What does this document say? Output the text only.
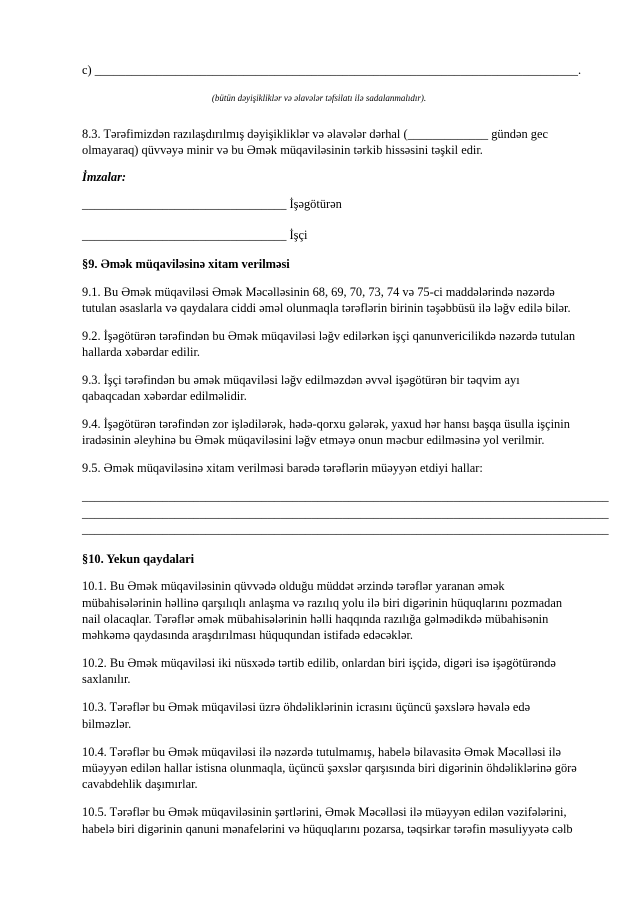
c) ______________________________________________________________________________.
(bütün dəyişikliklər və əlavələr təfsilatı ilə sadalanmalıdır).
8.3. Tərəfimizdən razılaşdırılmış dəyişikliklər və əlavələr dərhal (_____________ gündən gec
olmayaraq) qüvvəyə minir və bu Əmək müqaviləsinin tərkib hissəsini təşkil edir.
İmzalar:
_________________________________ İşəgötürən
_________________________________ İşçi
§9. Əmək müqaviləsinə xitam verilməsi
9.1. Bu Əmək müqaviləsi Əmək Məcəlləsinin 68, 69, 70, 73, 74 və 75-ci maddələrində nəzərdə
tutulan əsaslarla və qaydalara ciddi əməl olunmaqla tərəflərin birinin təşəbbüsü ilə ləğv edilə bilər.
9.2. İşəgötürən tərəfindən bu Əmək müqaviləsi ləğv edilərkən işçi qanunvericilikdə nəzərdə tutulan
hallarda xəbərdar edilir.
9.3. İşçi tərəfindən bu əmək müqaviləsi ləğv edilməzdən əvvəl işəgötürən bir təqvim ayı
qabaqcadan xəbərdar edilməlidir.
9.4. İşəgötürən tərəfindən zor işlədilərək, hədə-qorxu gələrək, yaxud hər hansı başqa üsulla işçinin
iradəsinin əleyhinə bu Əmək müqaviləsini ləğv etməyə onun məcbur edilməsinə yol verilmir.
9.5. Əmək müqaviləsinə xitam verilməsi barədə tərəflərin müəyyən etdiyi hallar:
_____________________________________________________________________________________
_____________________________________________________________________________________
_____________________________________________________________________________________
§10. Yekun qaydalari
10.1. Bu Əmək müqaviləsinin qüvvədə olduğu müddət ərzində tərəflər yaranan əmək
mübahisələrinin həllinə qarşılıqlı anlaşma və razılıq yolu ilə biri digərinin hüquqlarını pozmadan
nail olacaqlar. Tərəflər əmək mübahisələrinin həlli haqqında razılığa gəlmədikdə mübahisənin
məhkəmə qaydasında araşdırılması hüququndan istifadə edəcəklər.
10.2. Bu Əmək müqaviləsi iki nüsxədə tərtib edilib, onlardan biri işçidə, digəri isə işəgötürəndə
saxlanılır.
10.3. Tərəflər bu Əmək müqaviləsi üzrə öhdəliklərinin icrasını üçüncü şəxslərə həvalə edə
bilməzlər.
10.4. Tərəflər bu Əmək müqaviləsi ilə nəzərdə tutulmamış, habelə bilavasitə Əmək Məcəlləsi ilə
müəyyən edilən hallar istisna olunmaqla, üçüncü şəxslər qarşısında biri digərinin öhdəliklərinə görə
cavabdehlik daşımırlar.
10.5. Tərəflər bu Əmək müqaviləsinin şərtlərini, Əmək Məcəlləsi ilə müəyyən edilən vəzifələrini,
habelə biri digərinin qanuni mənafelərini və hüquqlarını pozarsa, təqsirkar tərəfin məsuliyyətə cəlb
